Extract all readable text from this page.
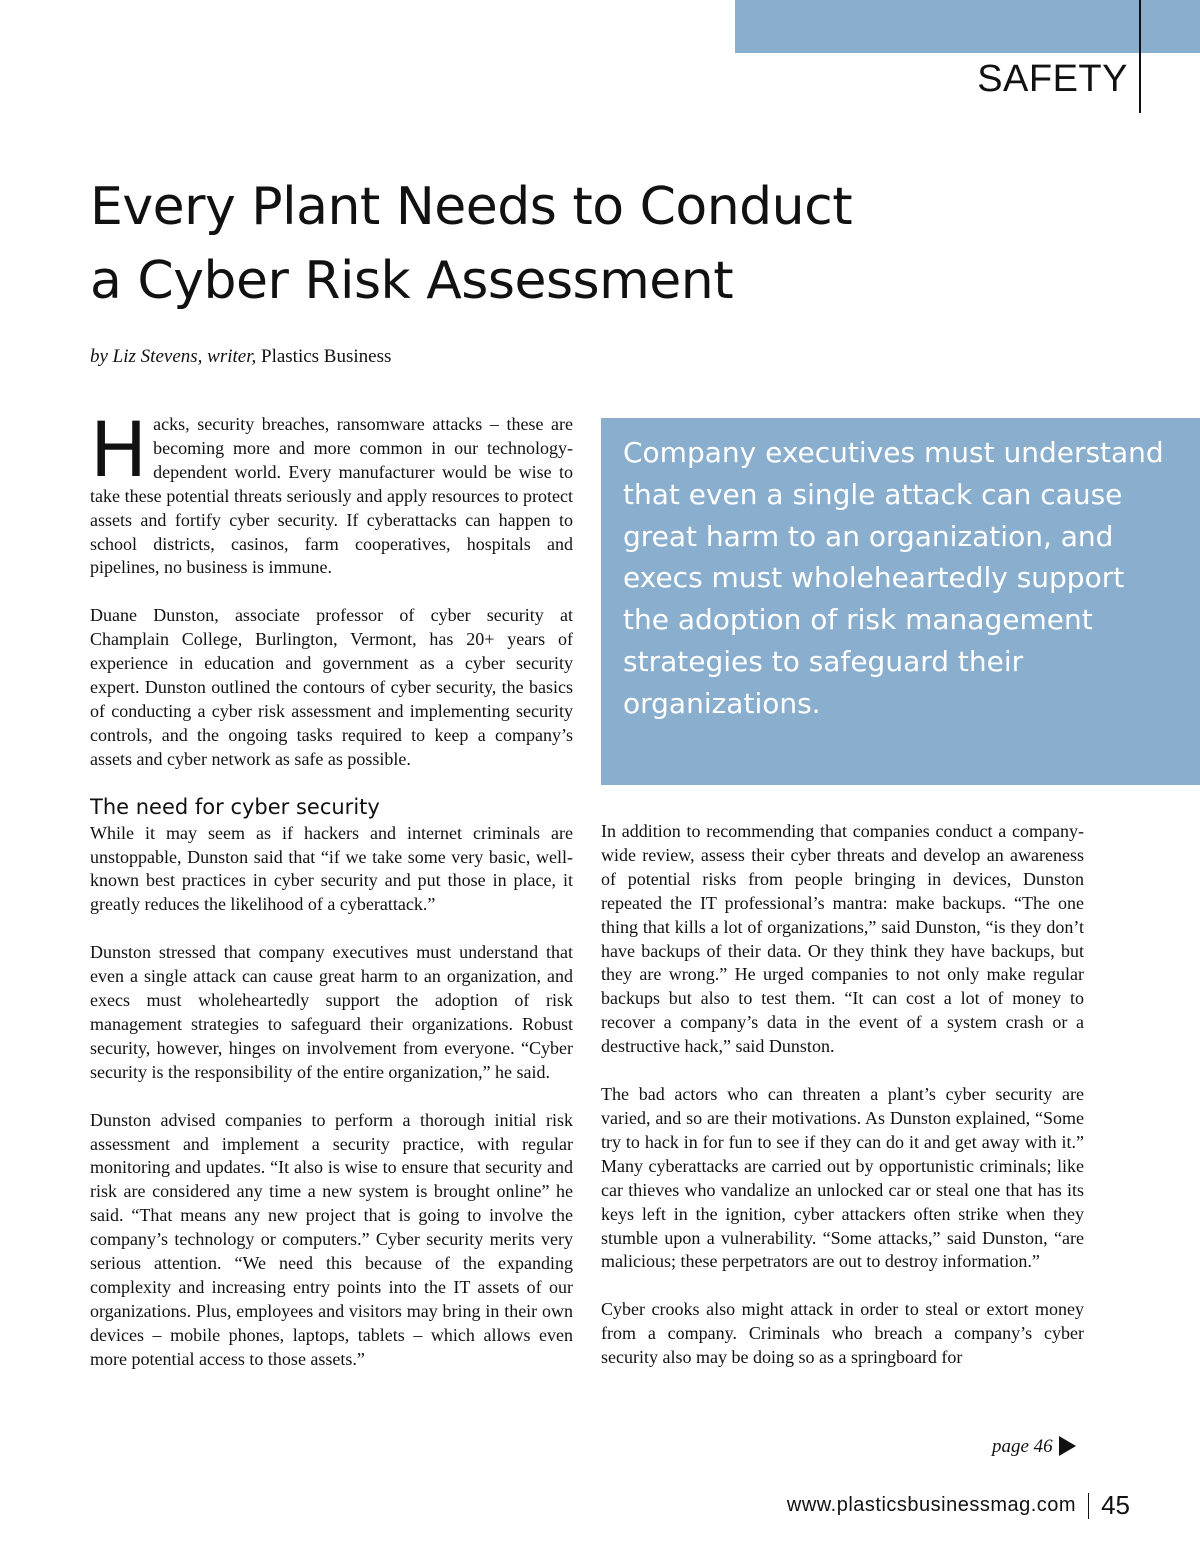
SAFETY
Every Plant Needs to Conduct
a Cyber Risk Assessment
by Liz Stevens, writer, Plastics Business

Hacks, security breaches, ransomware attacks – these are becoming more and more common in our technology-dependent world. Every manufacturer would be wise to take these potential threats seriously and apply resources to protect assets and fortify cyber security. If cyberattacks can happen to school districts, casinos, farm cooperatives, hospitals and pipelines, no business is immune.

Duane Dunston, associate professor of cyber security at Champlain College, Burlington, Vermont, has 20+ years of experience in education and government as a cyber security expert. Dunston outlined the contours of cyber security, the basics of conducting a cyber risk assessment and implementing security controls, and the ongoing tasks required to keep a company’s assets and cyber network as safe as possible.

The need for cyber security

While it may seem as if hackers and internet criminals are unstoppable, Dunston said that “if we take some very basic, well-known best practices in cyber security and put those in place, it greatly reduces the likelihood of a cyberattack.”

Dunston stressed that company executives must understand that even a single attack can cause great harm to an organization, and execs must wholeheartedly support the adoption of risk management strategies to safeguard their organizations. Robust security, however, hinges on involvement from everyone. “Cyber security is the responsibility of the entire organization,” he said.

Dunston advised companies to perform a thorough initial risk assessment and implement a security practice, with regular monitoring and updates. “It also is wise to ensure that security and risk are considered any time a new system is brought online” he said. “That means any new project that is going to involve the company’s technology or computers.” Cyber security merits very serious attention. “We need this because of the expanding complexity and increasing entry points into the IT assets of our organizations. Plus, employees and visitors may bring in their own devices – mobile phones, laptops, tablets – which allows even more potential access to those assets.”

Company executives must understand that even a single attack can cause great harm to an organization, and execs must wholeheartedly support the adoption of risk management strategies to safeguard their organizations.

In addition to recommending that companies conduct a company-wide review, assess their cyber threats and develop an awareness of potential risks from people bringing in devices, Dunston repeated the IT professional’s mantra: make backups. “The one thing that kills a lot of organizations,” said Dunston, “is they don’t have backups of their data. Or they think they have backups, but they are wrong.” He urged companies to not only make regular backups but also to test them. “It can cost a lot of money to recover a company’s data in the event of a system crash or a destructive hack,” said Dunston.

The bad actors who can threaten a plant’s cyber security are varied, and so are their motivations. As Dunston explained, “Some try to hack in for fun to see if they can do it and get away with it.” Many cyberattacks are carried out by opportunistic criminals; like car thieves who vandalize an unlocked car or steal one that has its keys left in the ignition, cyber attackers often strike when they stumble upon a vulnerability. “Some attacks,” said Dunston, “are malicious; these perpetrators are out to destroy information.”

Cyber crooks also might attack in order to steal or extort money from a company. Criminals who breach a company’s cyber security also may be doing so as a springboard for

page 46
www.plasticsbusinessmag.com 45
